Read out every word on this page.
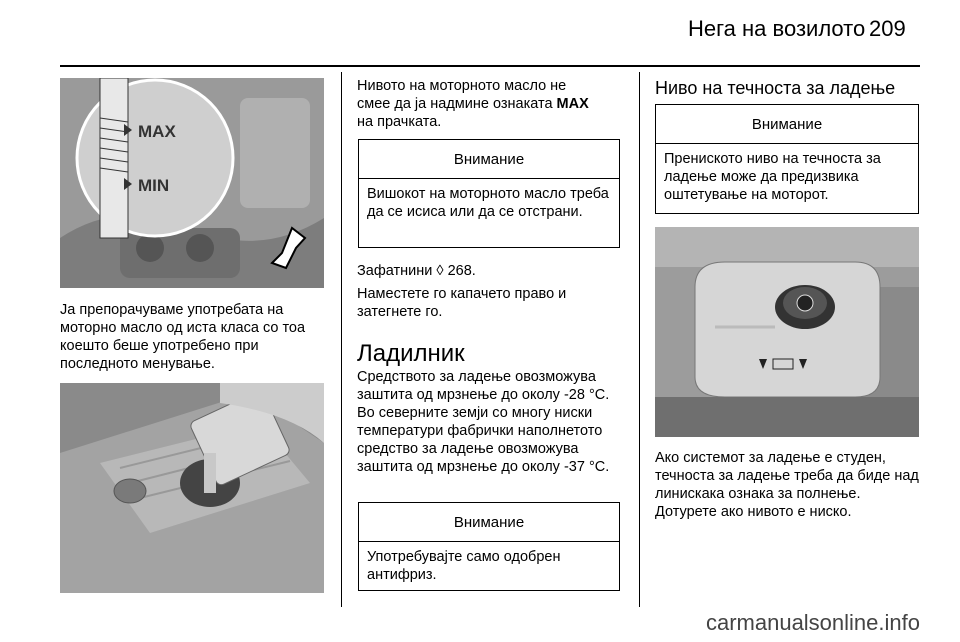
Нега на возилото 209
MAX
MIN

Ја препорачуваме употребата на моторно масло од иста класа со тоа коешто беше употребено при последното менување.

Нивото на моторното масло не
смее да ја надмине ознаката MAX
на прачката.
Внимание
Вишокот на моторното масло треба да се исиса или да се отстрани.

Зафатнини ◊ 268.

Наместете го капачето право и затегнете го.

Ладилник

Средството за ладење овозможува заштита од мрзнење до околу -28 °C. Во северните земји со многу ниски температури фабрички наполнетото средство за ладење овозможува заштита од мрзнење до околу -37 °C.

Внимание
Употребувајте само одобрен антифриз.
Ниво на течноста за ладење
Внимание
Прениското ниво на течноста за ладење може да предизвика оштетување на моторот.

Ако системот за ладење е студен, течноста за ладење треба да биде над линискака ознака за полнење. Дотурете ако нивото е ниско.

carmanualsonline.info
